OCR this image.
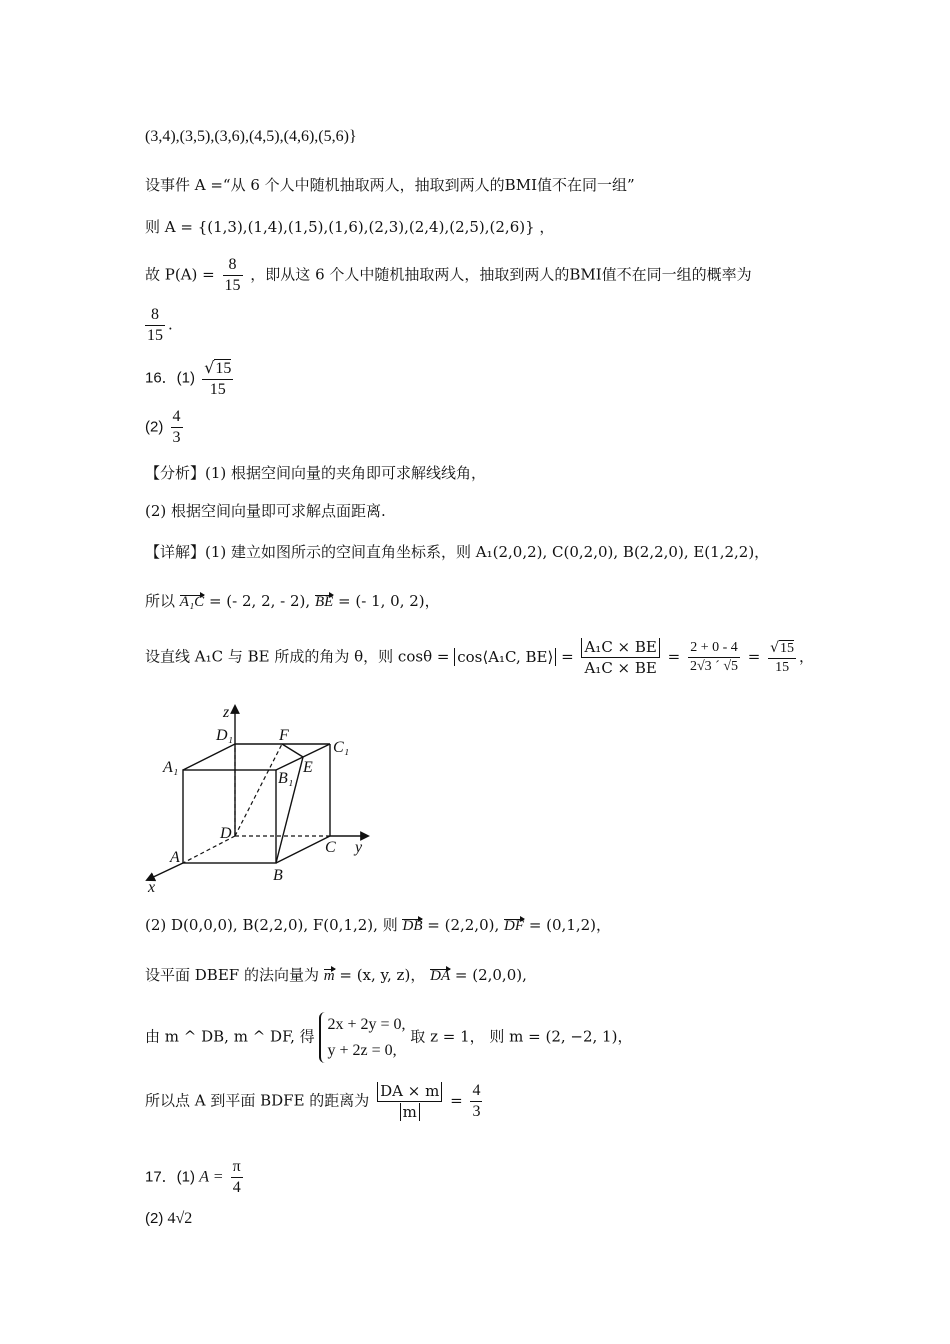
(3,4),(3,5),(3,6),(4,5),(4,6),(5,6)}
设事件 A =“从 6 个人中随机抽取两人，抽取到两人的BMI值不在同一组”
则 A = {(1,3),(1,4),(1,5),(1,6),(2,3),(2,4),(2,5),(2,6)} ，
故 $P(A) = \frac{8}{15}$ ，即从这 6 个人中随机抽取两人，抽取到两人的BMI值不在同一组的概率为
$\frac{8}{15}$ .
16．$(1) \frac{√15}{15}$
$(2) \frac{4}{3}$
【分析】(1) 根据空间向量的夹角即可求解线线角，
(2) 根据空间向量即可求解点面距离.
【详解】(1) 建立如图所示的空间直角坐标系，则 A₁(2,0,2), C(0,2,0), B(2,2,0), E(1,2,2)，
所以 A₁C = (- 2, 2, - 2), BE = (- 1, 0, 2)，
设直线 A₁C 与 BE 所成的角为 θ，则 cosθ = cos⟨A₁C, BE⟩ = $\frac{\text{A₁C × BE}}{\text{A₁C × BE}} = \frac{2 + 0 - 4}{2√3 ´ √5} = \frac{√15}{15}$ ，
z
D₁	F
C₁
A₁
B₁
E
D
C y
A
x
B
(2) D(0,0,0), B(2,2,0), F(0,1,2), 则 DB = (2,2,0), DF = (0,1,2)，
设平面 DBEF 的法向量为 m = (x, y, z)， DA = (2,0,0),
由 m ^ DB, m ^ DF, 得
2x + 2y = 0,
y + 2z = 0,
取 z = 1， 则 m = (2, −2, 1)，
所以点 A 到平面 BDFE 的距离为 $\frac{DA \times m}{m} = \frac{4}{3}$
17．(1) $A = \frac{\pi}{4}$
(2) 4√2
